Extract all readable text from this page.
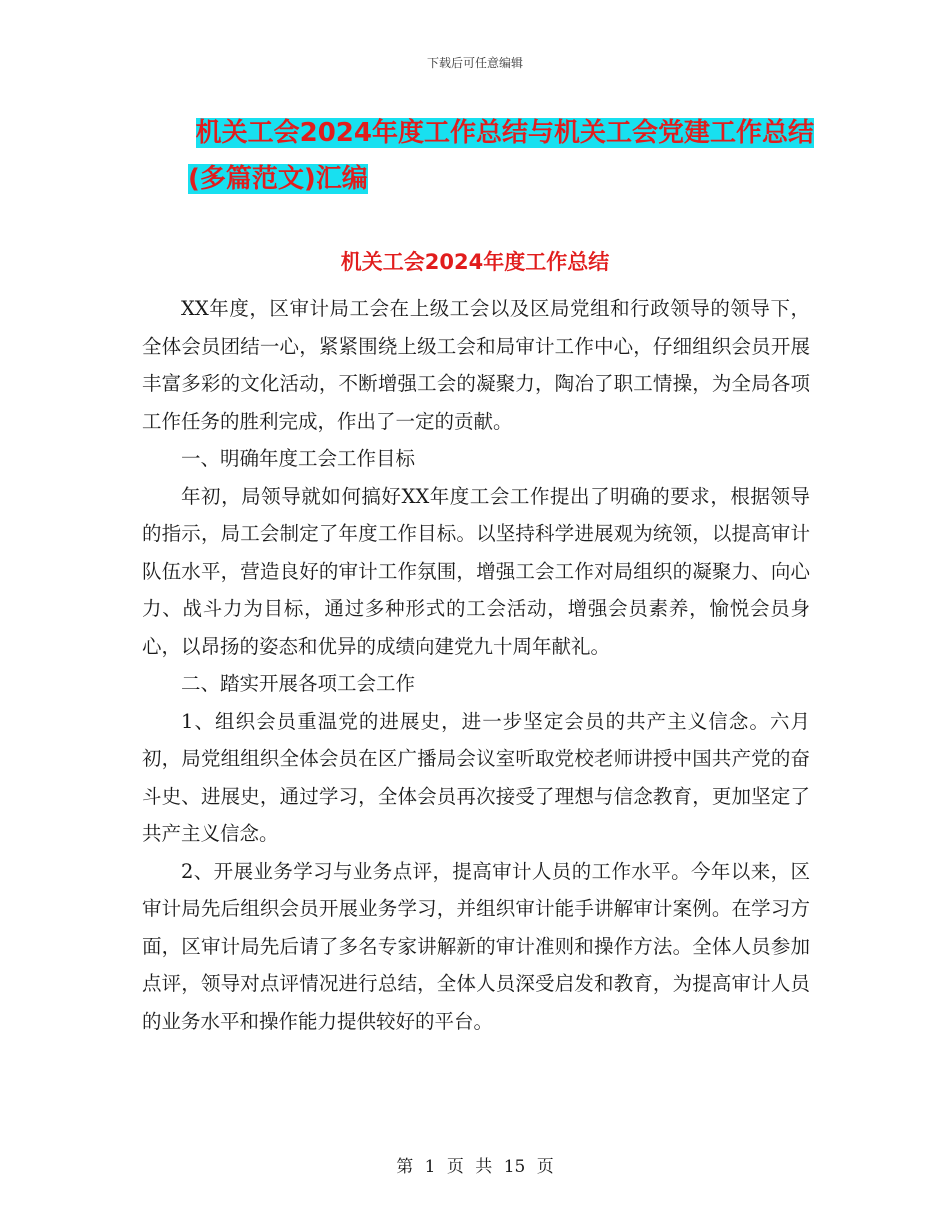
下载后可任意编辑
机关工会2024年度工作总结与机关工会党建工作总结
(多篇范文)汇编
机关工会2024年度工作总结

XX年度，区审计局工会在上级工会以及区局党组和行政领导的领导下，全体会员团结一心，紧紧围绕上级工会和局审计工作中心，仔细组织会员开展丰富多彩的文化活动，不断增强工会的凝聚力，陶冶了职工情操，为全局各项工作任务的胜利完成，作出了一定的贡献。

一、明确年度工会工作目标

年初，局领导就如何搞好XX年度工会工作提出了明确的要求，根据领导的指示，局工会制定了年度工作目标。以坚持科学进展观为统领，以提高审计队伍水平，营造良好的审计工作氛围，增强工会工作对局组织的凝聚力、向心力、战斗力为目标，通过多种形式的工会活动，增强会员素养，愉悦会员身心，以昂扬的姿态和优异的成绩向建党九十周年献礼。

二、踏实开展各项工会工作

1、组织会员重温党的进展史，进一步坚定会员的共产主义信念。六月初，局党组组织全体会员在区广播局会议室听取党校老师讲授中国共产党的奋斗史、进展史，通过学习，全体会员再次接受了理想与信念教育，更加坚定了共产主义信念。

2、开展业务学习与业务点评，提高审计人员的工作水平。今年以来，区审计局先后组织会员开展业务学习，并组织审计能手讲解审计案例。在学习方面，区审计局先后请了多名专家讲解新的审计准则和操作方法。全体人员参加点评，领导对点评情况进行总结，全体人员深受启发和教育，为提高审计人员的业务水平和操作能力提供较好的平台。

第 1 页 共 15 页
